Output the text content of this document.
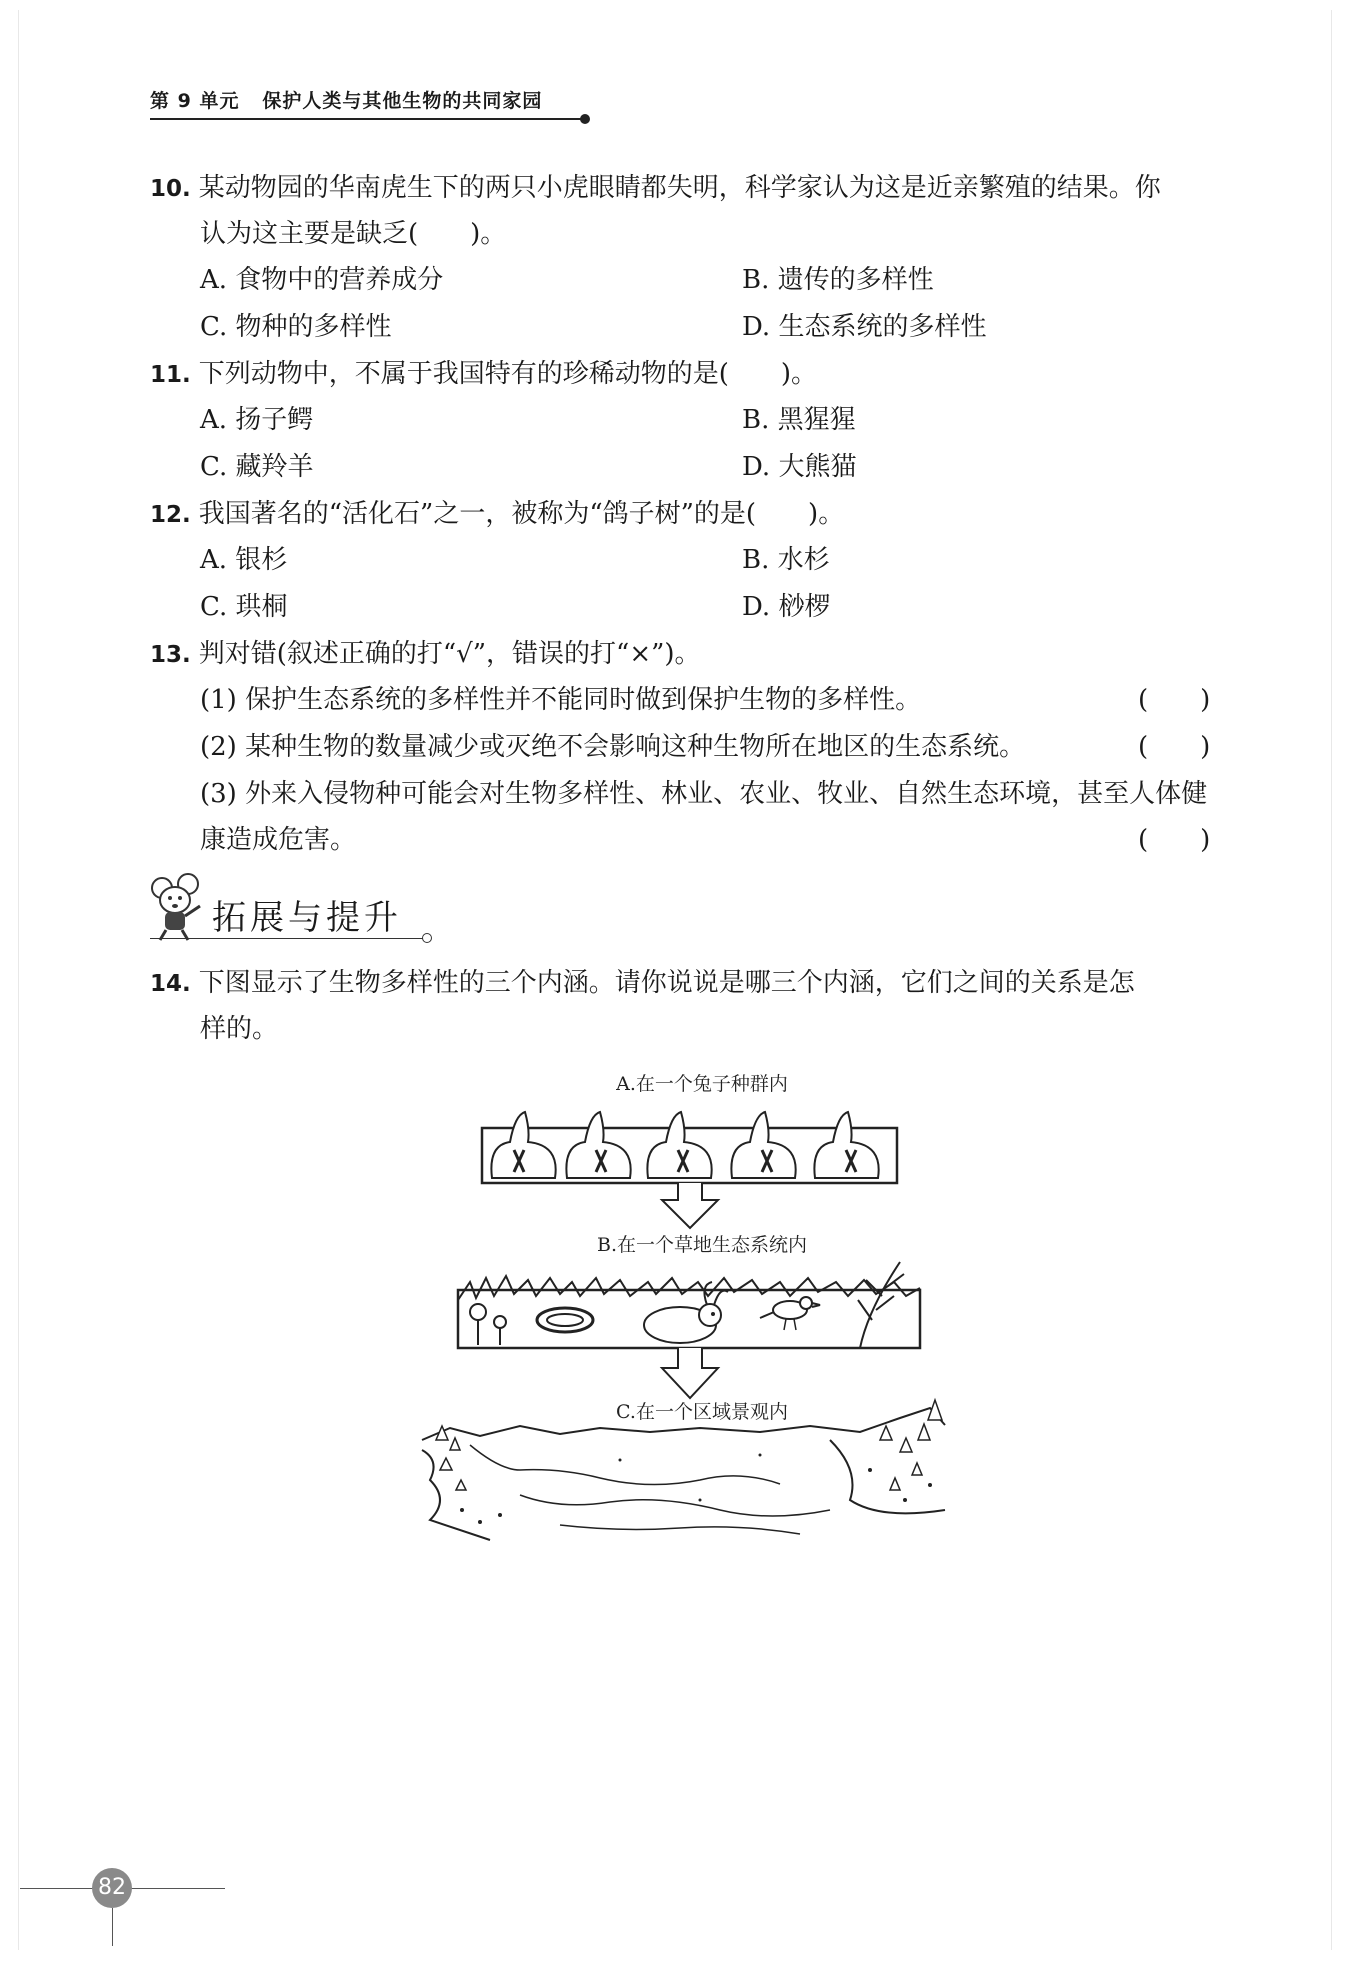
第 9 单元 保护人类与其他生物的共同家园
10. 某动物园的华南虎生下的两只小虎眼睛都失明，科学家认为这是近亲繁殖的结果。你
认为这主要是缺乏(　　)。
A. 食物中的营养成分	B. 遗传的多样性
C. 物种的多样性	D. 生态系统的多样性
11. 下列动物中，不属于我国特有的珍稀动物的是(　　)。
A. 扬子鳄	B. 黑猩猩
C. 藏羚羊	D. 大熊猫
12. 我国著名的“活化石”之一，被称为“鸽子树”的是(　　)。
A. 银杉	B. 水杉
C. 珙桐	D. 桫椤
13. 判对错(叙述正确的打“√”，错误的打“×”)。
(1) 保护生态系统的多样性并不能同时做到保护生物的多样性。	(　　)
(2) 某种生物的数量减少或灭绝不会影响这种生物所在地区的生态系统。	(　　)
(3) 外来入侵物种可能会对生物多样性、林业、农业、牧业、自然生态环境，甚至人体健
康造成危害。	(　　)
拓展与提升
14. 下图显示了生物多样性的三个内涵。请你说说是哪三个内涵，它们之间的关系是怎
样的。
A.在一个兔子种群内
B.在一个草地生态系统内
C.在一个区域景观内
82
